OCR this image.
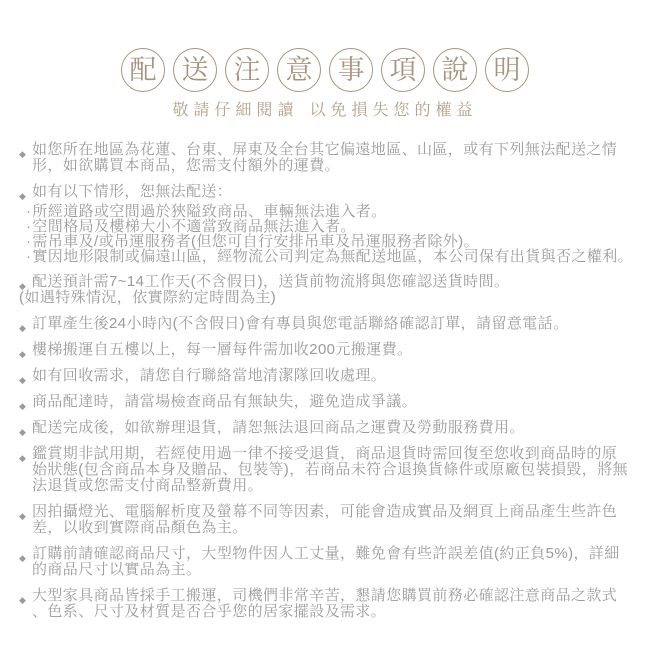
配 送 注 意 事 項 說 明
敬請仔細閱讀 以免損失您的權益
◆ 如您所在地區為花蓮、台東、屏東及全台其它偏遠地區、山區，或有下列無法配送之情形，如欲購買本商品，您需支付額外的運費。
◆ 如有以下情形，恕無法配送：
·所經道路或空間過於狹隘致商品、車輛無法進入者。
·空間格局及樓梯大小不適當致商品無法進入者。
·需吊車及/或吊運服務者(但您可自行安排吊車及吊運服務者除外)。
·實因地形限制或偏遠山區，經物流公司判定為無配送地區，本公司保有出貨與否之權利。
◆ 配送預計需7~14工作天(不含假日)，送貨前物流將與您確認送貨時間。
(如遇特殊情況，依實際約定時間為主)
◆ 訂單產生後24小時內(不含假日)會有專員與您電話聯絡確認訂單，請留意電話。
◆ 樓梯搬運自五樓以上，每一層每件需加收200元搬運費。
◆ 如有回收需求，請您自行聯絡當地清潔隊回收處理。
◆ 商品配達時，請當場檢查商品有無缺失，避免造成爭議。
◆ 配送完成後，如欲辦理退貨，請恕無法退回商品之運費及勞動服務費用。
◆ 鑑賞期非試用期，若經使用過一律不接受退貨，商品退貨時需回復至您收到商品時的原始狀態(包含商品本身及贈品、包裝等)，若商品未符合退換貨條件或原廠包裝損毀，將無法退貨或您需支付商品整新費用。
◆ 因拍攝燈光、電腦解析度及螢幕不同等因素，可能會造成實品及網頁上商品產生些許色差，以收到實際商品顏色為主。
◆ 訂購前請確認商品尺寸，大型物件因人工丈量，難免會有些許誤差值(約正負5%)，詳細的商品尺寸以實品為主。
◆ 大型家具商品皆採手工搬運，司機們非常辛苦，懇請您購買前務必確認注意商品之款式、色系、尺寸及材質是否合乎您的居家擺設及需求。
